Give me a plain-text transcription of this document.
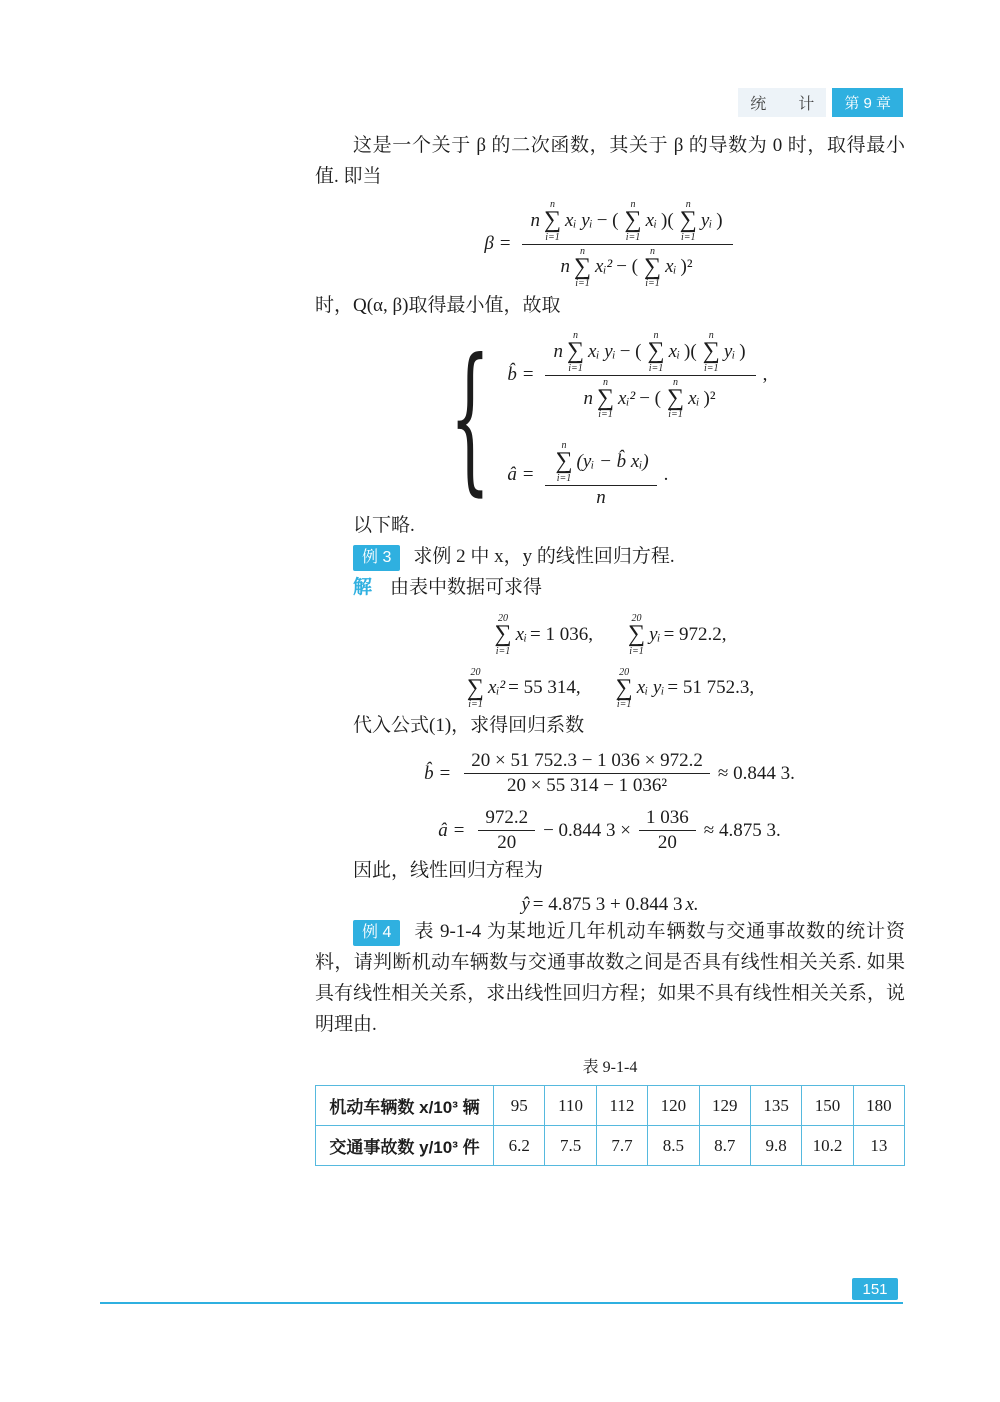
统　　计	第 9 章

这是一个关于 β 的二次函数，其关于 β 的导数为 0 时，取得最小值. 即当

β =
n
n
∑
i=1
xᵢ yᵢ − (
n
∑
i=1
xᵢ )(
n
∑
i=1
yᵢ )
n
n
∑
i=1
xᵢ² − (
n
∑
i=1
xᵢ )²

时，Q(α, β)取得最小值，故取

{ b̂ =
n
n
∑
i=1
xᵢ yᵢ − (
n
∑
i=1
xᵢ )(
n
∑
i=1
yᵢ )
n
n
∑
i=1
xᵢ² − (
n
∑
i=1
xᵢ )²
,
â = n
∑
i=1
(yᵢ − b̂ xᵢ)
n .

以下略.

例 3 求例 2 中 x，y 的线性回归方程.

解 由表中数据可求得

20
∑
i=1
xᵢ = 1 036,
20
∑
i=1
yᵢ = 972.2,
20
∑
i=1
xᵢ² = 55 314,
20
∑
i=1
xᵢ yᵢ = 51 752.3,

代入公式(1)，求得回归系数

b̂ = $\frac{20 \times 51 752.3 - 1 036 \times 972.2}{\text{20 × 55 314 − 1 036²}} \approx 0.844$ 3.
â = $\frac{972.2}{20} - 0.844$ $3 \times \frac{1 036}{20} \approx 4.875$ 3.

因此，线性回归方程为

ŷ = 4.875 3 + 0.844 3 x.

例 4 表 9-1-4 为某地近几年机动车辆数与交通事故数的统计资料，请判断机动车辆数与交通事故数之间是否具有线性相关关系. 如果具有线性相关关系，求出线性回归方程；如果不具有线性相关关系，说明理由.

表 9-1-4
机动车辆数 x/10³ 辆	95	110	112	120	129	135	150	180
交通事故数 y/10³ 件	6.2	7.5	7.7	8.5	8.7	9.8	10.2	13
151
